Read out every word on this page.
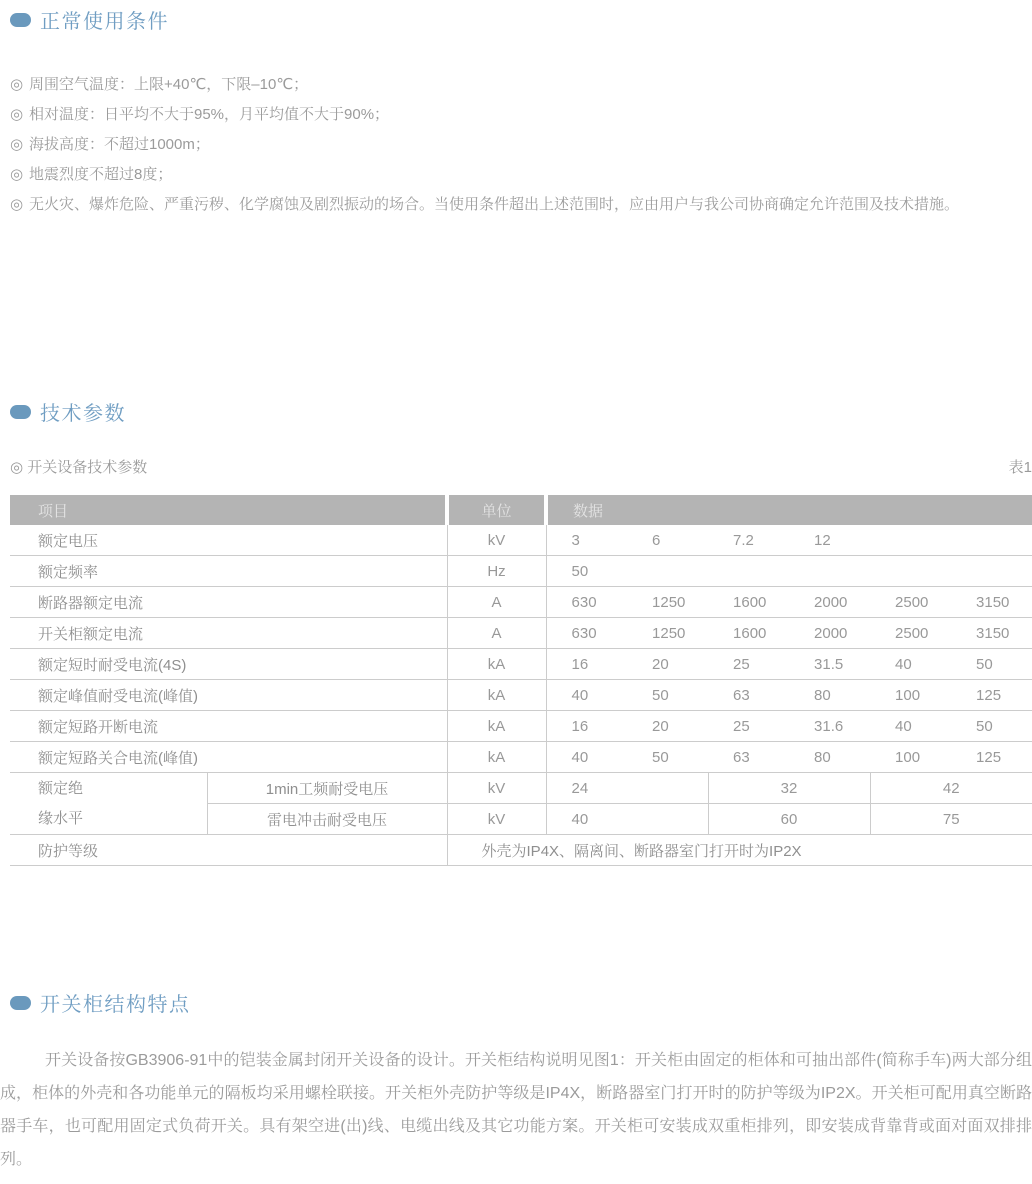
正常使用条件
◎ 周围空气温度：上限+40℃，下限–10℃；
◎ 相对温度：日平均不大于95%，月平均值不大于90%；
◎ 海拔高度：不超过1000m；
◎ 地震烈度不超过8度；
◎ 无火灾、爆炸危险、严重污秽、化学腐蚀及剧烈振动的场合。当使用条件超出上述范围时，应由用户与我公司协商确定允许范围及技术措施。
技术参数
◎ 开关设备技术参数	表1
项目		单位	数据					
额定电压		kV	3	6	7.2	12		
额定频率		Hz	50					
断路器额定电流		A	630	1250	1600	2000	2500	3150
开关柜额定电流		A	630	1250	1600	2000	2500	3150
额定短时耐受电流(4S)		kA	16	20	25	31.5	40	50
额定峰值耐受电流(峰值)		kA	40	50	63	80	100	125
额定短路开断电流		kA	16	20	25	31.6	40	50
额定短路关合电流(峰值)		kA	40	50	63	80	100	125

额定绝
缘水平	1min工频耐受电压	kV	24		32		42	
	雷电冲击耐受电压	kV	40		60		75	
防护等级		外壳为IP4X、隔离间、断路器室门打开时为IP2X						
开关柜结构特点

开关设备按GB3906-91中的铠装金属封闭开关设备的设计。开关柜结构说明见图1：开关柜由固定的柜体和可抽出部件(简称手车)两大部分组成，柜体的外壳和各功能单元的隔板均采用螺栓联接。开关柜外壳防护等级是IP4X，断路器室门打开时的防护等级为IP2X。开关柜可配用真空断路器手车，也可配用固定式负荷开关。具有架空进(出)线、电缆出线及其它功能方案。开关柜可安装成双重柜排列，即安装成背靠背或面对面双排排列。
